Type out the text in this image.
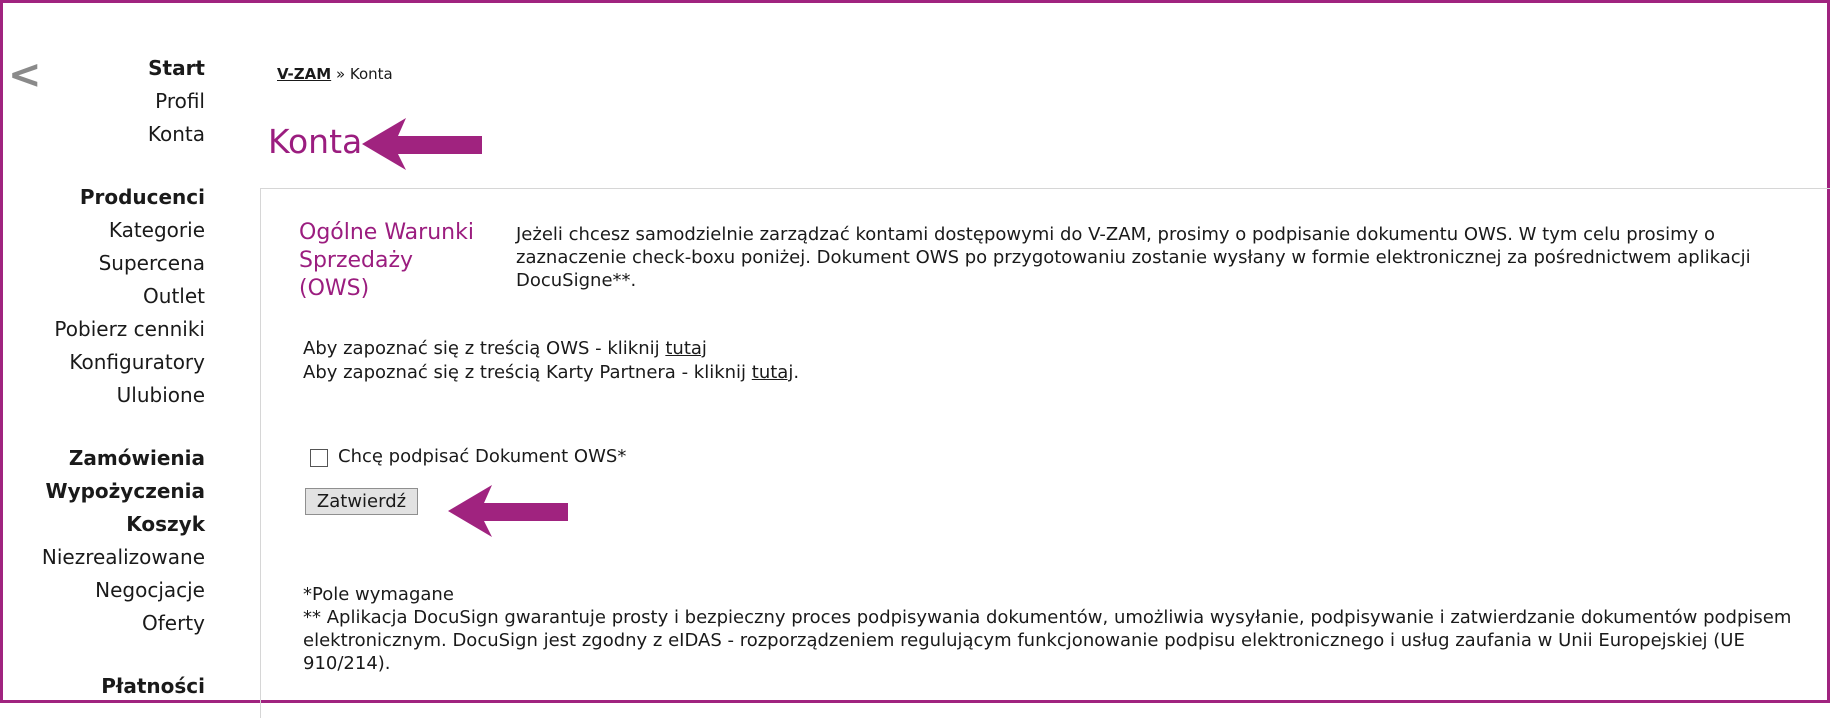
<	Start
Profil
Konta
Producenci
Kategorie
Supercena
Outlet
Pobierz cenniki
Konfiguratory
Ulubione
Zamówienia
Wypożyczenia
Koszyk
Niezrealizowane
Negocjacje
Oferty
Płatności
V-ZAM » Konta
Konta
Ogólne Warunki Sprzedaży (OWS)
Jeżeli chcesz samodzielnie zarządzać kontami dostępowymi do V-ZAM, prosimy o podpisanie dokumentu OWS. W tym celu prosimy o zaznaczenie check-boxu poniżej. Dokument OWS po przygotowaniu zostanie wysłany w formie elektronicznej za pośrednictwem aplikacji DocuSigne**.
Aby zapoznać się z treścią OWS - kliknij tutaj
Aby zapoznać się z treścią Karty Partnera - kliknij tutaj.
Chcę podpisać Dokument OWS*
Zatwierdź
*Pole wymagane
** Aplikacja DocuSign gwarantuje prosty i bezpieczny proces podpisywania dokumentów, umożliwia wysyłanie, podpisywanie i zatwierdzanie dokumentów podpisem elektronicznym. DocuSign jest zgodny z eIDAS - rozporządzeniem regulującym funkcjonowanie podpisu elektronicznego i usług zaufania w Unii Europejskiej (UE 910/214).
